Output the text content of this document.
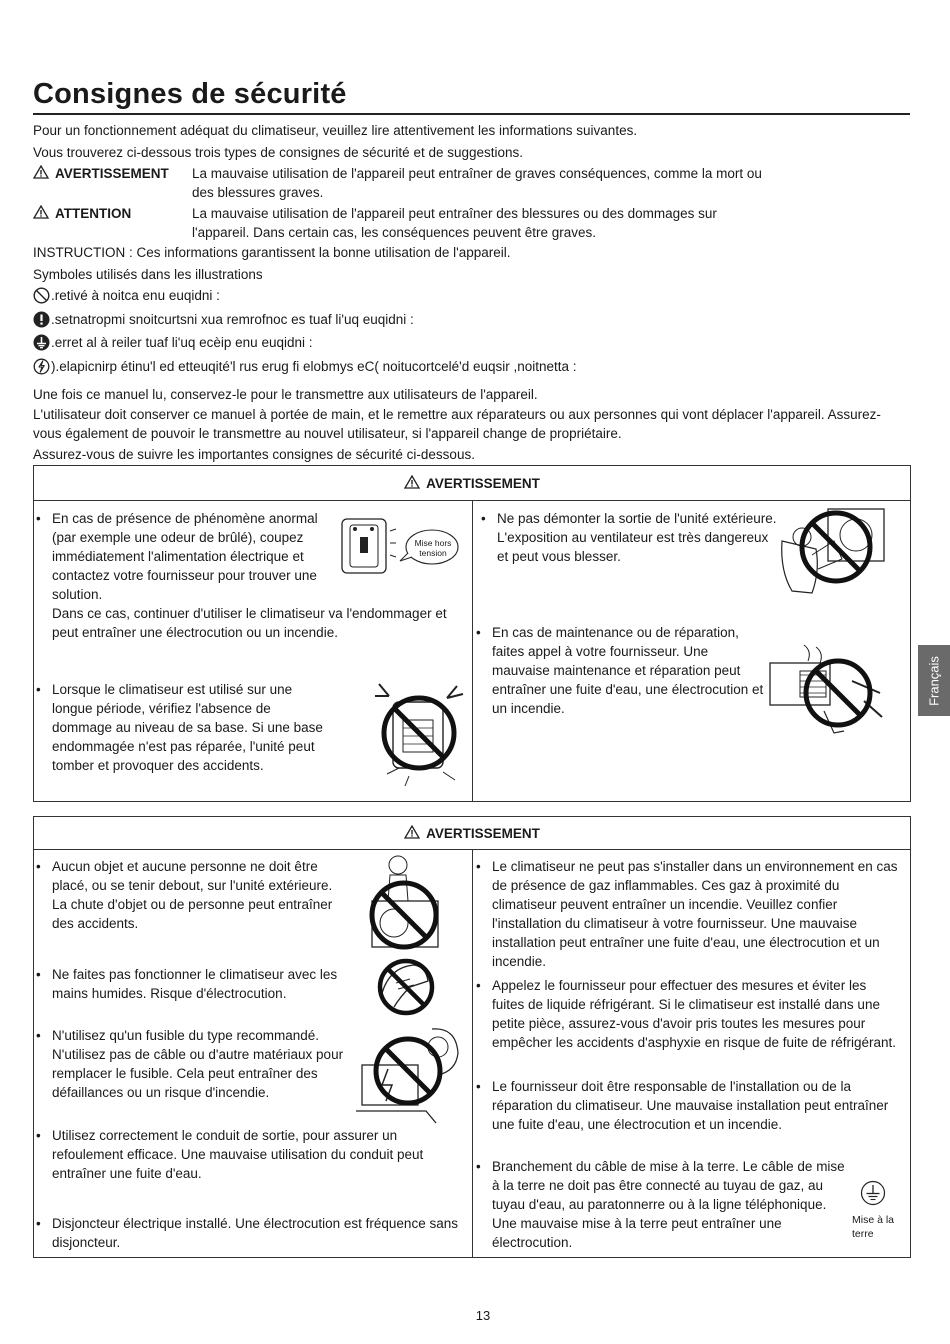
Consignes de sécurité
Pour un fonctionnement adéquat du climatiseur, veuillez lire attentivement les informations suivantes.
Vous trouverez ci-dessous trois types de consignes de sécurité et de suggestions.
AVERTISSEMENT La mauvaise utilisation de l'appareil peut entraîner de graves conséquences, comme la mort ou des blessures graves.
ATTENTION	La mauvaise utilisation de l'appareil peut entraîner des blessures ou des dommages sur l'appareil. Dans certain cas, les conséquences peuvent être graves.
INSTRUCTION : Ces informations garantissent la bonne utilisation de l'appareil.
Symboles utilisés dans les illustrations
.retivé à noitca enu euqidni :
.setnatropmi snoitcurtsni xua remrofnoc es tuaf li'uq euqidni :
.erret al à reiler tuaf li'uq ecèip enu euqidni :
).elapicnirp étinu'l ed etteuqité'l rus erug fi elobmys eC( noitucortcelé'd euqsir ,noitnetta :
Une fois ce manuel lu, conservez-le pour le transmettre aux utilisateurs de l'appareil.
L'utilisateur doit conserver ce manuel à portée de main, et le remettre aux réparateurs ou aux personnes qui vont déplacer l'appareil. Assurez-vous également de pouvoir le transmettre au nouvel utilisateur, si l'appareil change de propriétaire.
Assurez-vous de suivre les importantes consignes de sécurité ci-dessous.
AVERTISSEMENT
• En cas de présence de phénomène anormal (par exemple une odeur de brûlé), coupez immédiatement l'alimentation électrique et contactez votre fournisseur pour trouver une solution.
Dans ce cas, continuer d'utiliser le climatiseur va l'endommager et peut entraîner une électrocution ou un incendie.
Mise hors tension
• Lorsque le climatiseur est utilisé sur une longue période, vérifiez l'absence de dommage au niveau de sa base. Si une base endommagée n'est pas réparée, l'unité peut tomber et provoquer des accidents.
• Ne pas démonter la sortie de l'unité extérieure. L'exposition au ventilateur est très dangereux et peut vous blesser.
• En cas de maintenance ou de réparation, faites appel à votre fournisseur. Une mauvaise maintenance et réparation peut entraîner une fuite d'eau, une électrocution et un incendie.
AVERTISSEMENT
• Aucun objet et aucune personne ne doit être placé, ou se tenir debout, sur l'unité extérieure. La chute d'objet ou de personne peut entraîner des accidents.
• Ne faites pas fonctionner le climatiseur avec les mains humides. Risque d'électrocution.
• N'utilisez qu'un fusible du type recommandé. N'utilisez pas de câble ou d'autre matériaux pour remplacer le fusible. Cela peut entraîner des défaillances ou un risque d'incendie.
• Utilisez correctement le conduit de sortie, pour assurer un refoulement efficace. Une mauvaise utilisation du conduit peut entraîner une fuite d'eau.
• Disjoncteur électrique installé. Une électrocution est fréquence sans disjoncteur.
• Le climatiseur ne peut pas s'installer dans un environnement en cas de présence de gaz inflammables. Ces gaz à proximité du climatiseur peuvent entraîner un incendie. Veuillez confier l'installation du climatiseur à votre fournisseur. Une mauvaise installation peut entraîner une fuite d'eau, une électrocution et un incendie.
• Appelez le fournisseur pour effectuer des mesures et éviter les fuites de liquide réfrigérant. Si le climatiseur est installé dans une petite pièce, assurez-vous d'avoir pris toutes les mesures pour empêcher les accidents d'asphyxie en risque de fuite de réfrigérant.
• Le fournisseur doit être responsable de l'installation ou de la réparation du climatiseur. Une mauvaise installation peut entraîner une fuite d'eau, une électrocution et un incendie.
• Branchement du câble de mise à la terre. Le câble de mise à la terre ne doit pas être connecté au tuyau de gaz, au tuyau d'eau, au paratonnerre ou à la ligne téléphonique. Une mauvaise mise à la terre peut entraîner une électrocution.
Mise à la terre
Français
13
